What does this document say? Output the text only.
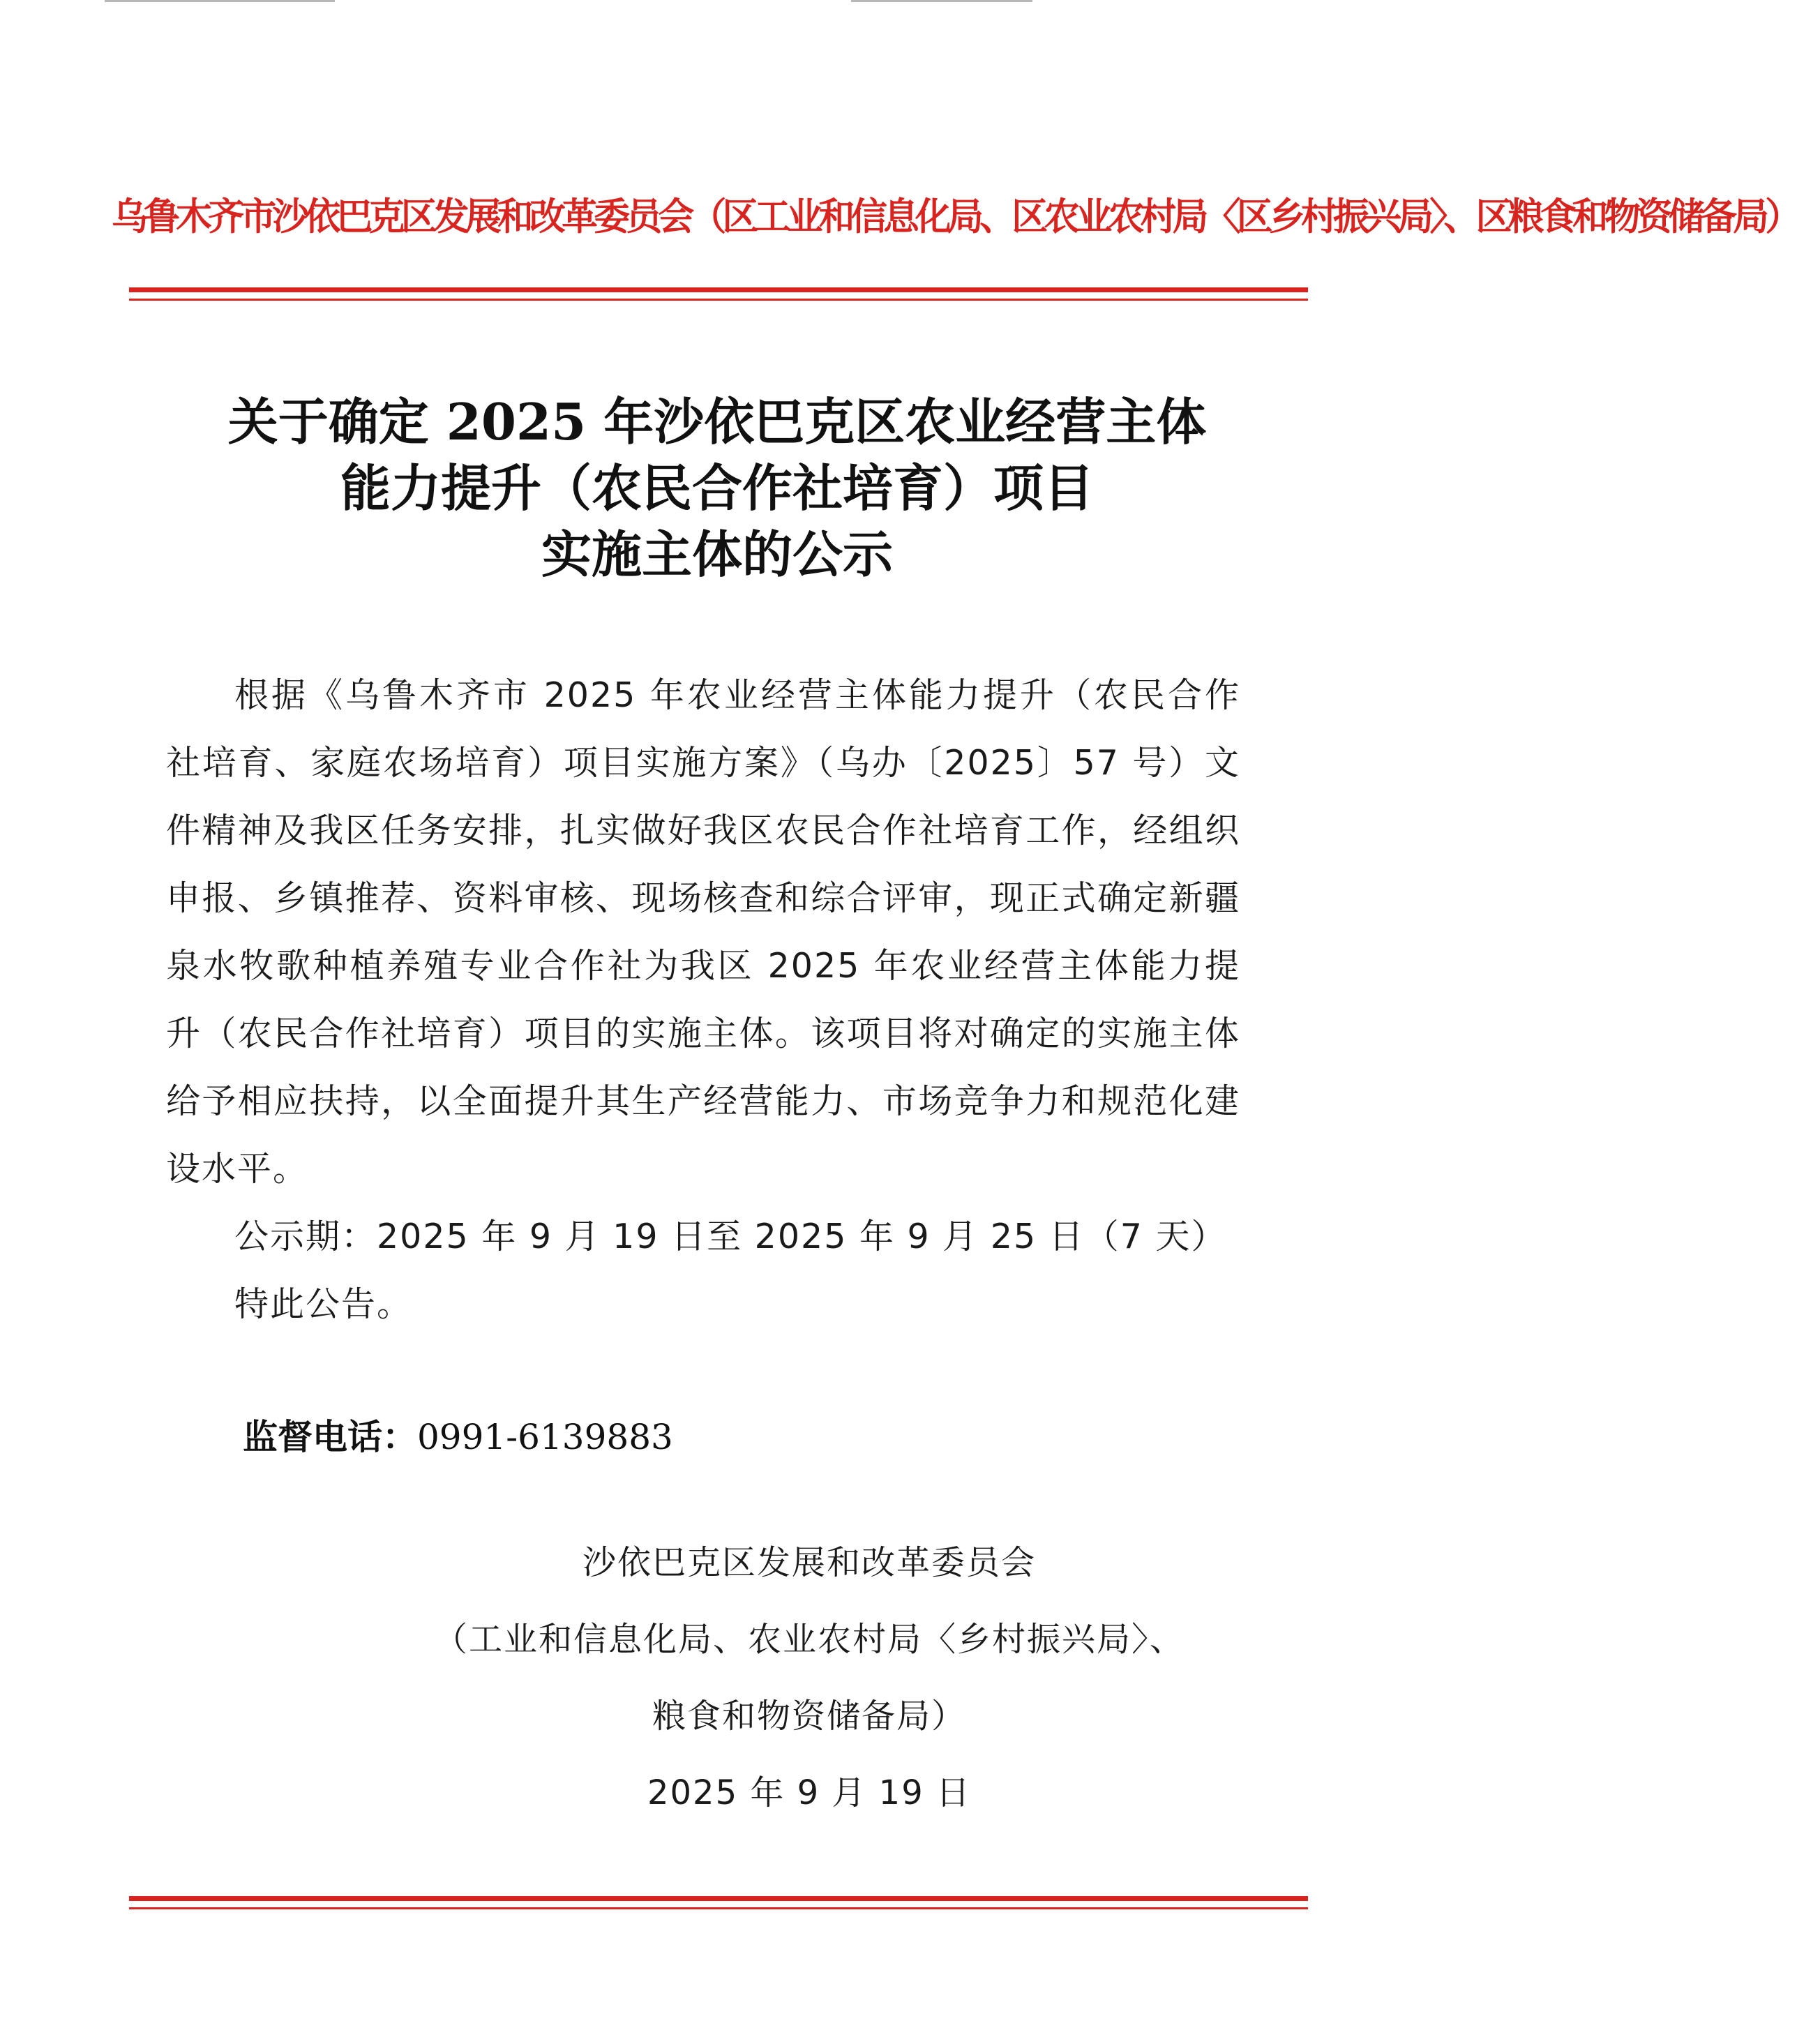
乌鲁木齐市沙依巴克区发展和改革委员会（区工业和信息化局、区农业农村局〈区乡村振兴局〉、区粮食和物资储备局）
关于确定 2025 年沙依巴克区农业经营主体
能力提升（农民合作社培育）项目
实施主体的公示

根据《乌鲁木齐市 2025 年农业经营主体能力提升（农民合作社培育、家庭农场培育）项目实施方案》（乌办〔2025〕57 号）文件精神及我区任务安排，扎实做好我区农民合作社培育工作，经组织申报、乡镇推荐、资料审核、现场核查和综合评审，现正式确定新疆泉水牧歌种植养殖专业合作社为我区 2025 年农业经营主体能力提升（农民合作社培育）项目的实施主体。该项目将对确定的实施主体给予相应扶持，以全面提升其生产经营能力、市场竞争力和规范化建设水平。

公示期：2025 年 9 月 19 日至 2025 年 9 月 25 日（7 天）

特此公告。

监督电话：0991-6139883
沙依巴克区发展和改革委员会
（工业和信息化局、农业农村局〈乡村振兴局〉、
粮食和物资储备局）
2025 年 9 月 19 日
